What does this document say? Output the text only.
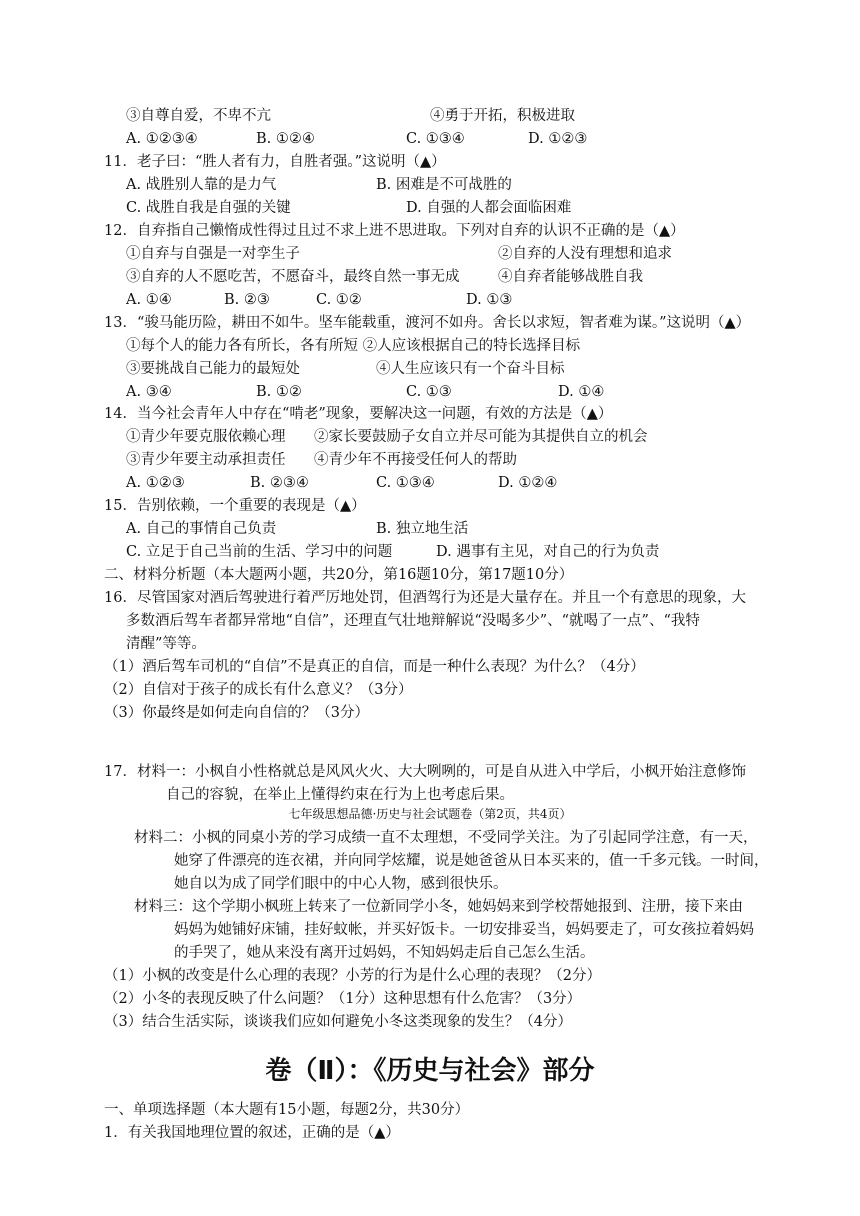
③自尊自爱，不卑不亢	④勇于开拓，积极进取
A. ①②③④	B. ①②④	C. ①③④	D. ①②③
11．老子曰：“胜人者有力，自胜者强。”这说明（▲）
A. 战胜别人靠的是力气	B. 困难是不可战胜的
C. 战胜自我是自强的关键	D. 自强的人都会面临困难
12．自弃指自己懒惰成性得过且过不求上进不思进取。下列对自弃的认识不正确的是（▲）
①自弃与自强是一对孪生子	②自弃的人没有理想和追求
③自弃的人不愿吃苦，不愿奋斗，最终自然一事无成	④自弃者能够战胜自我
A. ①④	B. ②③	C. ①②	D. ①③
13．“骏马能历险，耕田不如牛。坚车能载重，渡河不如舟。舍长以求短，智者难为谋。”这说明（▲）
①每个人的能力各有所长，各有所短 ②人应该根据自己的特长选择目标
③要挑战自己能力的最短处	④人生应该只有一个奋斗目标
A. ③④	B. ①②	C. ①③	D. ①④
14．当今社会青年人中存在“啃老”现象，要解决这一问题，有效的方法是（▲）
①青少年要克服依赖心理 ②家长要鼓励子女自立并尽可能为其提供自立的机会
③青少年要主动承担责任 ④青少年不再接受任何人的帮助
A. ①②③	B. ②③④	C. ①③④	D. ①②④
15．告别依赖，一个重要的表现是（▲）
A. 自己的事情自己负责	B. 独立地生活
C. 立足于自己当前的生活、学习中的问题	D. 遇事有主见，对自己的行为负责
二、材料分析题（本大题两小题，共20分，第16题10分，第17题10分）
16．尽管国家对酒后驾驶进行着严厉地处罚，但酒驾行为还是大量存在。并且一个有意思的现象，大
多数酒后驾车者都异常地“自信”，还理直气壮地辩解说“没喝多少”、“就喝了一点”、“我特
清醒”等等。
（1）酒后驾车司机的“自信”不是真正的自信，而是一种什么表现？为什么？（4分）
（2）自信对于孩子的成长有什么意义？（3分）
（3）你最终是如何走向自信的？（3分）
17．材料一：小枫自小性格就总是风风火火、大大咧咧的，可是自从进入中学后，小枫开始注意修饰
自己的容貌，在举止上懂得约束在行为上也考虑后果。
七年级思想品德·历史与社会试题卷（第2页，共4页）
材料二：小枫的同桌小芳的学习成绩一直不太理想，不受同学关注。为了引起同学注意，有一天，
她穿了件漂亮的连衣裙，并向同学炫耀，说是她爸爸从日本买来的，值一千多元钱。一时间，
她自以为成了同学们眼中的中心人物，感到很快乐。
材料三：这个学期小枫班上转来了一位新同学小冬，她妈妈来到学校帮她报到、注册，接下来由
妈妈为她铺好床铺，挂好蚊帐，并买好饭卡。一切安排妥当，妈妈要走了，可女孩拉着妈妈
的手哭了，她从来没有离开过妈妈，不知妈妈走后自己怎么生活。
（1）小枫的改变是什么心理的表现？小芳的行为是什么心理的表现？（2分）
（2）小冬的表现反映了什么问题？（1分）这种思想有什么危害？（3分）
（3）结合生活实际，谈谈我们应如何避免小冬这类现象的发生？（4分）
卷（Ⅱ）：《历史与社会》部分
一、单项选择题（本大题有15小题，每题2分，共30分）
1．有关我国地理位置的叙述，正确的是（▲）
